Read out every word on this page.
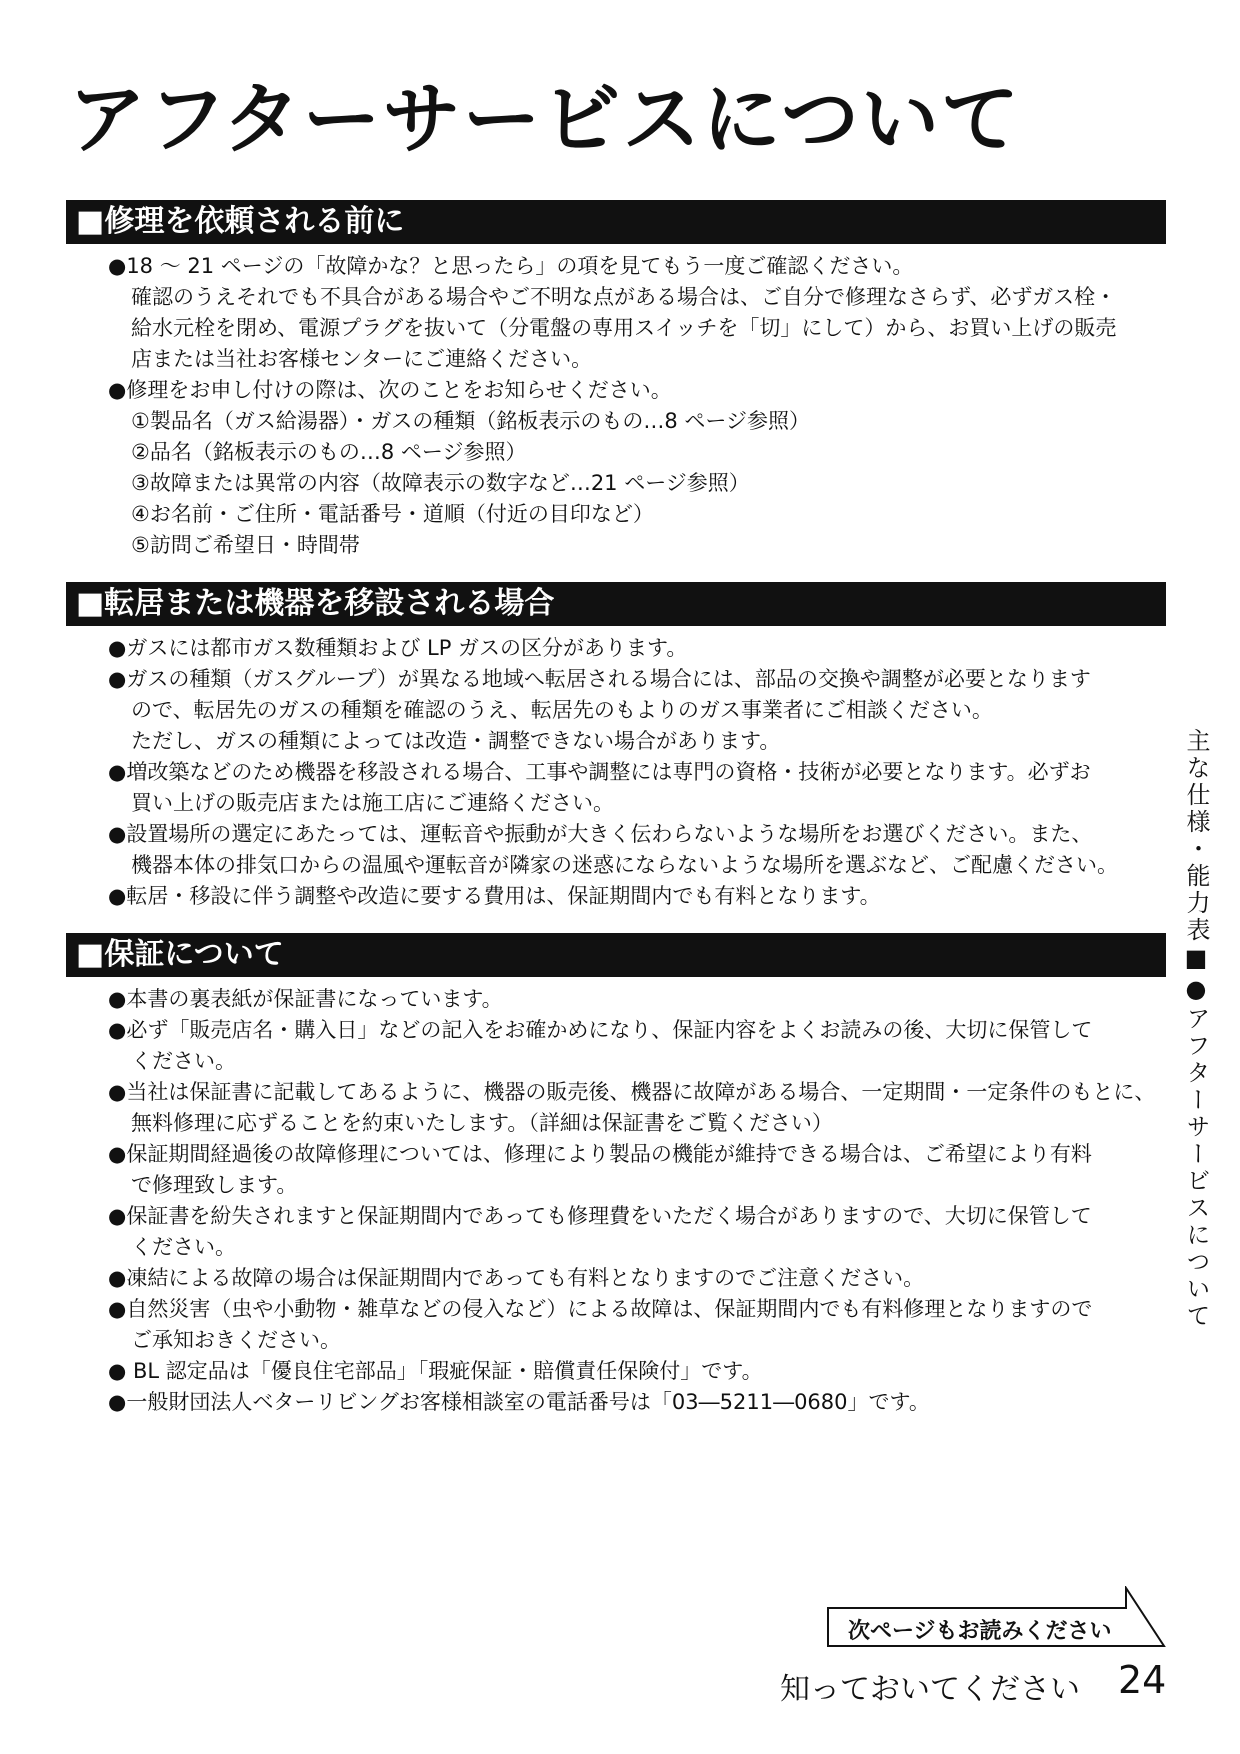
アフターサービスについて
■修理を依頼される前に

●18 ～ 21 ページの「故障かな？と思ったら」の項を見てもう一度ご確認ください。

確認のうえそれでも不具合がある場合やご不明な点がある場合は、ご自分で修理なさらず、必ずガス栓・

給水元栓を閉め、電源プラグを抜いて（分電盤の専用スイッチを「切」にして）から、お買い上げの販売

店または当社お客様センターにご連絡ください。

●修理をお申し付けの際は、次のことをお知らせください。

①製品名（ガス給湯器）・ガスの種類（銘板表示のもの…8 ページ参照）

②品名（銘板表示のもの…8 ページ参照）

③故障または異常の内容（故障表示の数字など…21 ページ参照）

④お名前・ご住所・電話番号・道順（付近の目印など）

⑤訪問ご希望日・時間帯

■転居または機器を移設される場合

●ガスには都市ガス数種類および LP ガスの区分があります。

●ガスの種類（ガスグループ）が異なる地域へ転居される場合には、部品の交換や調整が必要となります

ので、転居先のガスの種類を確認のうえ、転居先のもよりのガス事業者にご相談ください。

ただし、ガスの種類によっては改造・調整できない場合があります。

●増改築などのため機器を移設される場合、工事や調整には専門の資格・技術が必要となります。必ずお

買い上げの販売店または施工店にご連絡ください。

●設置場所の選定にあたっては、運転音や振動が大きく伝わらないような場所をお選びください。また、

機器本体の排気口からの温風や運転音が隣家の迷惑にならないような場所を選ぶなど、ご配慮ください。

●転居・移設に伴う調整や改造に要する費用は、保証期間内でも有料となります。

■保証について

●本書の裏表紙が保証書になっています。

●必ず「販売店名・購入日」などの記入をお確かめになり、保証内容をよくお読みの後、大切に保管して

ください。

●当社は保証書に記載してあるように、機器の販売後、機器に故障がある場合、一定期間・一定条件のもとに、

無料修理に応ずることを約束いたします。（詳細は保証書をご覧ください）

●保証期間経過後の故障修理については、修理により製品の機能が維持できる場合は、ご希望により有料

で修理致します。

●保証書を紛失されますと保証期間内であっても修理費をいただく場合がありますので、大切に保管して

ください。

●凍結による故障の場合は保証期間内であっても有料となりますのでご注意ください。

●自然災害（虫や小動物・雑草などの侵入など）による故障は、保証期間内でも有料修理となりますので

ご承知おきください。

● BL 認定品は「優良住宅部品」「瑕疵保証・賠償責任保険付」です。

●一般財団法人ベターリビングお客様相談室の電話番号は「03―5211―0680」です。

主な仕様・能力表■●アフターサービスについて
次ページもお読みください
知っておいてください 24
